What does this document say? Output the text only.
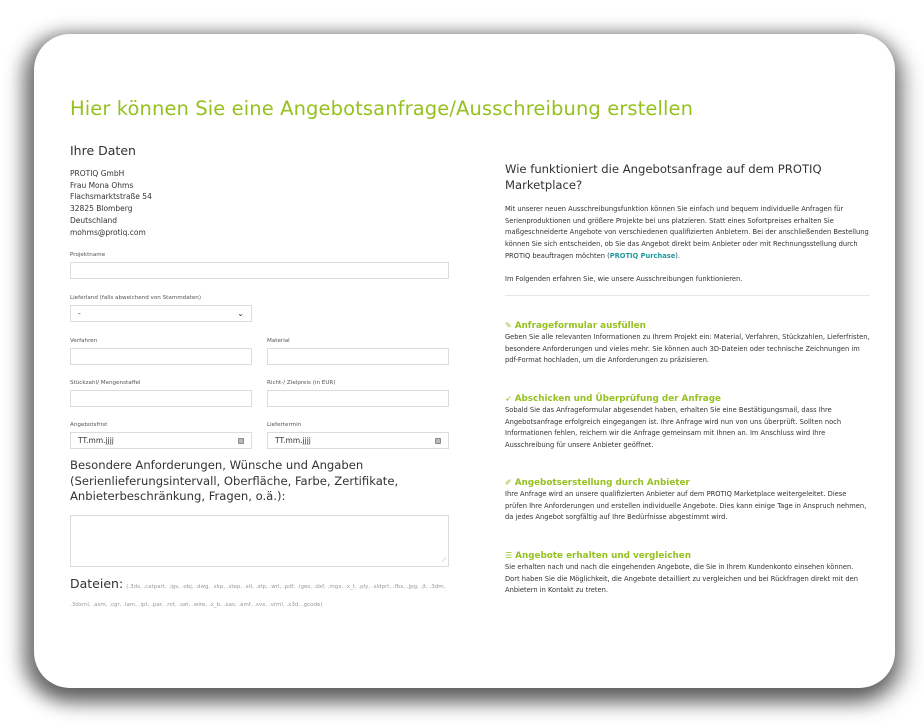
Hier können Sie eine Angebotsanfrage/Ausschreibung erstellen
Ihre Daten
PROTIQ GmbH
Frau Mona Ohms
Flachsmarktstraße 54
32825 Blomberg
Deutschland
mohms@protiq.com
Projektname
Lieferland (falls abweichend von Stammdaten)
-	⌄
Verfahren	Material
Stückzahl/ Mengenstaffel	Richt-/ Zielpreis (in EUR)
Angebotsfrist
TT.mm.jjjj
Liefertermin
TT.mm.jjjj
Besondere Anforderungen, Wünsche und Angaben (Serienlieferungsintervall, Oberfläche, Farbe, Zertifikate, Anbieterbeschränkung, Fragen, o.ä.):
⟋
Dateien: (.3ds, .catpart, .igs, .obj, .dwg, .skp, .step, .stl, .stp, .wrl, .pdf, .iges, .dxf, .mgx, .x_t, .ply, .sldprt, .fbx, .jpg, .jt, .3dm, .3dxml, .asm, .cgr, .iam, .ipt, .par, .rvt, .sat, .wire, .x_b, .xas, .amf, .svx, .vrml, .x3d, .gcode)
Wie funktioniert die Angebotsanfrage auf dem PROTIQ Marketplace?
Mit unserer neuen Ausschreibungsfunktion können Sie einfach und bequem individuelle Anfragen für Serienproduktionen und größere Projekte bei uns platzieren. Statt eines Sofortpreises erhalten Sie maßgeschneiderte Angebote von verschiedenen qualifizierten Anbietern. Bei der anschließenden Bestellung können Sie sich entscheiden, ob Sie das Angebot direkt beim Anbieter oder mit Rechnungsstellung durch PROTIQ beauftragen möchten (PROTIQ Purchase).
Im Folgenden erfahren Sie, wie unsere Ausschreibungen funktionieren.
✎ Anfrageformular ausfüllen
Geben Sie alle relevanten Informationen zu Ihrem Projekt ein: Material, Verfahren, Stückzahlen, Lieferfristen, besondere Anforderungen und vieles mehr. Sie können auch 3D-Dateien oder technische Zeichnungen im pdf-Format hochladen, um die Anforderungen zu präzisieren.
➶ Abschicken und Überprüfung der Anfrage
Sobald Sie das Anfrageformular abgesendet haben, erhalten Sie eine Bestätigungsmail, dass Ihre Angebotsanfrage erfolgreich eingegangen ist. Ihre Anfrage wird nun von uns überprüft. Sollten noch Informationen fehlen, reichern wir die Anfrage gemeinsam mit Ihnen an. Im Anschluss wird Ihre Ausschreibung für unsere Anbieter geöffnet.
✐ Angebotserstellung durch Anbieter
Ihre Anfrage wird an unsere qualifizierten Anbieter auf dem PROTIQ Marketplace weitergeleitet. Diese prüfen Ihre Anforderungen und erstellen individuelle Angebote. Dies kann einige Tage in Anspruch nehmen, da jedes Angebot sorgfältig auf Ihre Bedürfnisse abgestimmt wird.
☰ Angebote erhalten und vergleichen
Sie erhalten nach und nach die eingehenden Angebote, die Sie in Ihrem Kundenkonto einsehen können. Dort haben Sie die Möglichkeit, die Angebote detailliert zu vergleichen und bei Rückfragen direkt mit den Anbietern in Kontakt zu treten.
